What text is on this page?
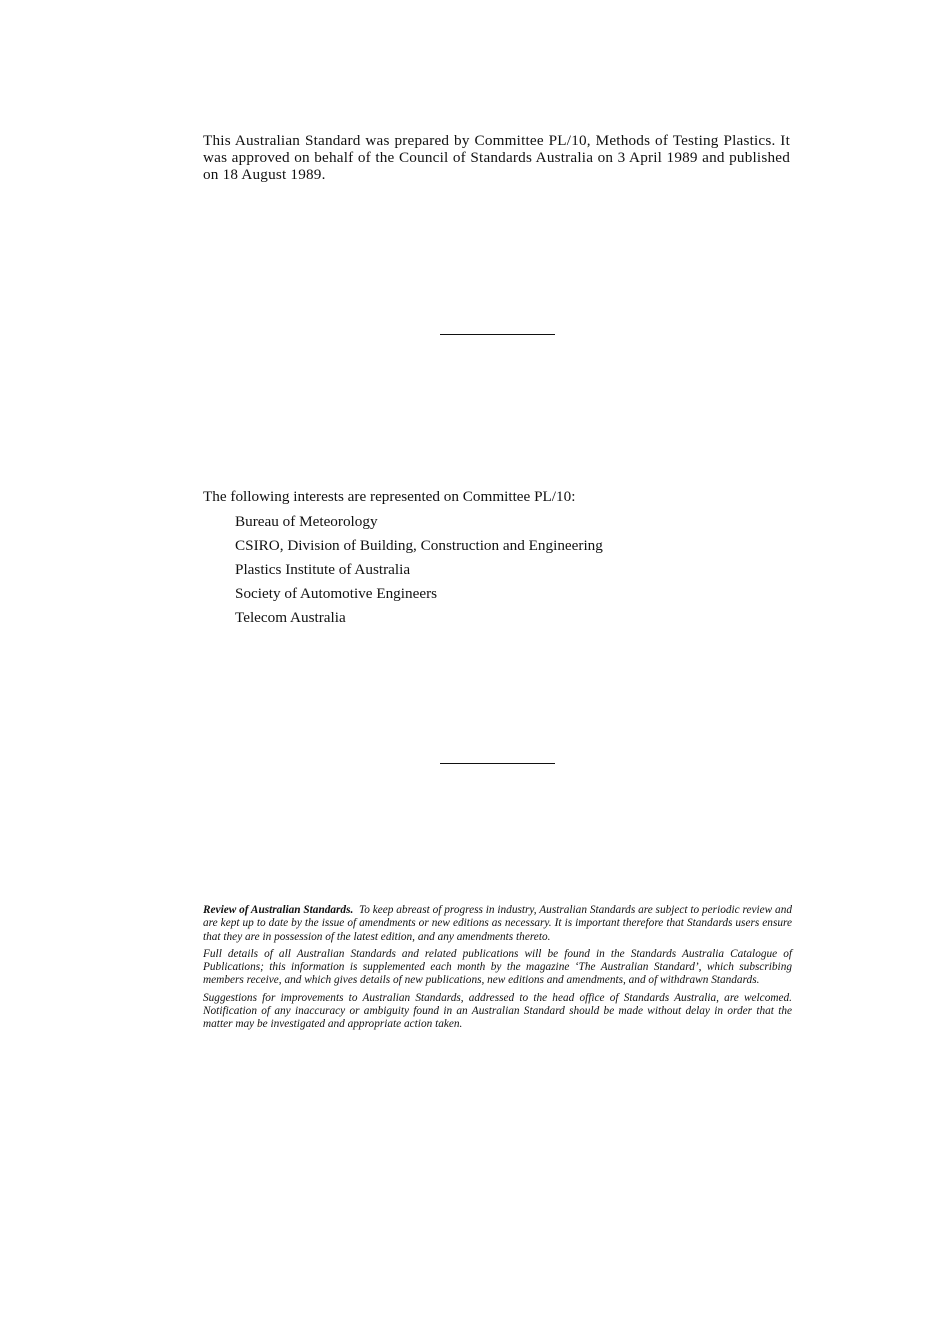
This Australian Standard was prepared by Committee PL/10, Methods of Testing Plastics. It was approved on behalf of the Council of Standards Australia on 3 April 1989 and published on 18 August 1989.
The following interests are represented on Committee PL/10:
Bureau of Meteorology
CSIRO, Division of Building, Construction and Engineering
Plastics Institute of Australia
Society of Automotive Engineers
Telecom Australia

Review of Australian Standards. To keep abreast of progress in industry, Australian Standards are subject to periodic review and are kept up to date by the issue of amendments or new editions as necessary. It is important therefore that Standards users ensure that they are in possession of the latest edition, and any amendments thereto.

Full details of all Australian Standards and related publications will be found in the Standards Australia Catalogue of Publications; this information is supplemented each month by the magazine ‘The Australian Standard’, which subscribing members receive, and which gives details of new publications, new editions and amendments, and of withdrawn Standards.

Suggestions for improvements to Australian Standards, addressed to the head office of Standards Australia, are welcomed. Notification of any inaccuracy or ambiguity found in an Australian Standard should be made without delay in order that the matter may be investigated and appropriate action taken.
